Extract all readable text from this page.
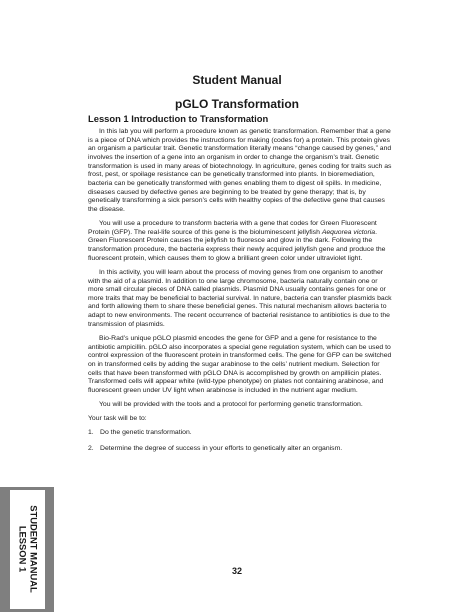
Student Manual
pGLO Transformation
Lesson 1 Introduction to Transformation

In this lab you will perform a procedure known as genetic transformation. Remember that a gene is a piece of DNA which provides the instructions for making (codes for) a protein. This protein gives an organism a particular trait. Genetic transformation literally means “change caused by genes,” and involves the insertion of a gene into an organism in order to change the organism’s trait. Genetic transformation is used in many areas of biotechnology. In agriculture, genes coding for traits such as frost, pest, or spoilage resistance can be genetically transformed into plants. In bioremediation, bacteria can be genetically transformed with genes enabling them to digest oil spills. In medicine, diseases caused by defective genes are beginning to be treated by gene therapy; that is, by genetically transforming a sick person’s cells with healthy copies of the defective gene that causes the disease.

You will use a procedure to transform bacteria with a gene that codes for Green Fluorescent Protein (GFP). The real-life source of this gene is the bioluminescent jellyfish Aequorea victoria. Green Fluorescent Protein causes the jellyfish to fluoresce and glow in the dark. Following the transformation procedure, the bacteria express their newly acquired jellyfish gene and produce the fluorescent protein, which causes them to glow a brilliant green color under ultraviolet light.

In this activity, you will learn about the process of moving genes from one organism to another with the aid of a plasmid. In addition to one large chromosome, bacteria naturally contain one or more small circular pieces of DNA called plasmids. Plasmid DNA usually contains genes for one or more traits that may be beneficial to bacterial survival. In nature, bacteria can transfer plasmids back and forth allowing them to share these beneficial genes. This natural mechanism allows bacteria to adapt to new environments. The recent occurrence of bacterial resistance to antibiotics is due to the transmission of plasmids.

Bio-Rad’s unique pGLO plasmid encodes the gene for GFP and a gene for resistance to the antibiotic ampicillin. pGLO also incorporates a special gene regulation system, which can be used to control expression of the fluorescent protein in transformed cells. The gene for GFP can be switched on in transformed cells by adding the sugar arabinose to the cells’ nutrient medium. Selection for cells that have been transformed with pGLO DNA is accomplished by growth on ampillicin plates. Transformed cells will appear white (wild-type phenotype) on plates not containing arabinose, and fluorescent green under UV light when arabinose is included in the nutrient agar medium.

You will be provided with the tools and a protocol for performing genetic transformation.

Your task will be to:

1. Do the genetic transformation.
2. Determine the degree of success in your efforts to genetically alter an organism.
STUDENT MANUAL
LESSON 1	32
